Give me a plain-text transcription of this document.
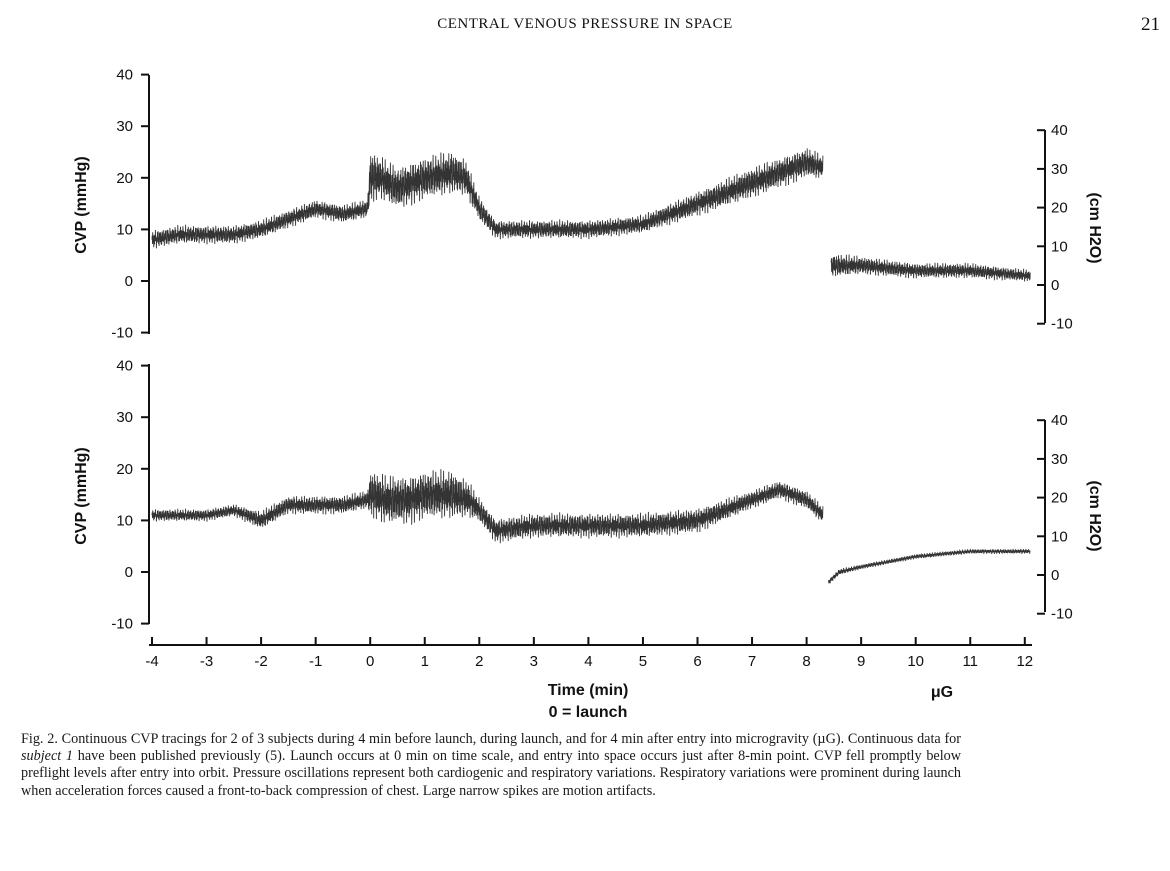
CENTRAL VENOUS PRESSURE IN SPACE	21
-10
0
10
20
30
40
-10
0
10
20
30
40
CVP (mmHg)	(cm H2O)
-10
0
10
20
30
40
-10
0
10
20
30
40
CVP (mmHg)	(cm H2O)
-4	-3	-2	-1	0	1	2	3	4	5	6	7	8	9	10	11	12
Time (min)
0 = launch
μG
Fig. 2. Continuous CVP tracings for 2 of 3 subjects during 4 min before launch, during launch, and for 4 min after entry into microgravity (µG). Continuous data for subject 1 have been published previously (5). Launch occurs at 0 min on time scale, and entry into space occurs just after 8-min point. CVP fell promptly below preflight levels after entry into orbit. Pressure oscillations represent both cardiogenic and respiratory variations. Respiratory variations were prominent during launch when acceleration forces caused a front-to-back compression of chest. Large narrow spikes are motion artifacts.
